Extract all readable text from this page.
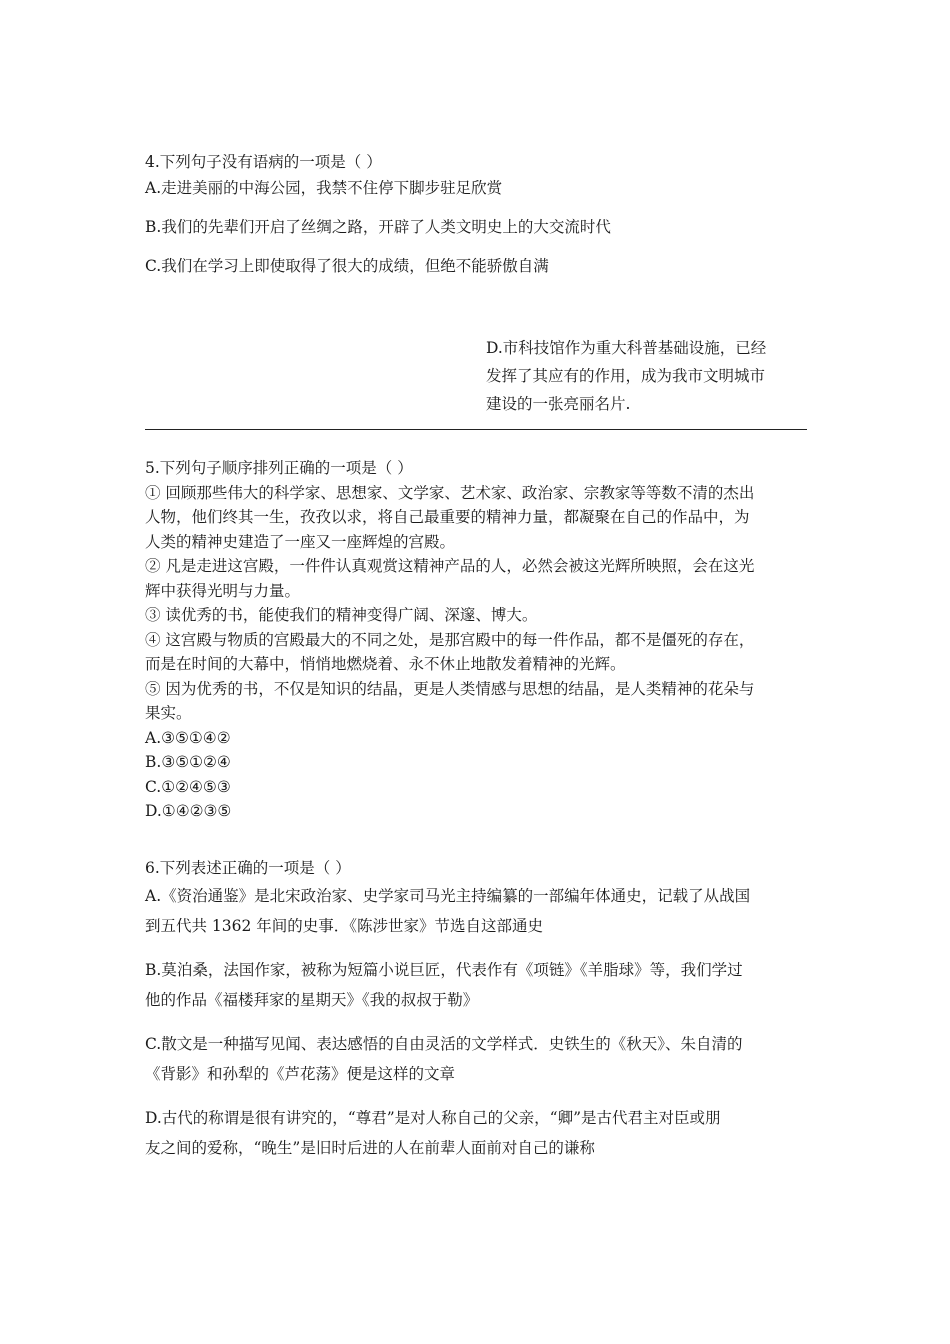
4.下列句子没有语病的一项是（ ）
A.走进美丽的中海公园，我禁不住停下脚步驻足欣赏
B.我们的先辈们开启了丝绸之路，开辟了人类文明史上的大交流时代
C.我们在学习上即使取得了很大的成绩，但绝不能骄傲自满
D.市科技馆作为重大科普基础设施，已经
发挥了其应有的作用，成为我市文明城市
建设的一张亮丽名片.
5.下列句子顺序排列正确的一项是（ ）
① 回顾那些伟大的科学家、思想家、文学家、艺术家、政治家、宗教家等等数不清的杰出
人物，他们终其一生，孜孜以求，将自己最重要的精神力量，都凝聚在自己的作品中，为
人类的精神史建造了一座又一座辉煌的宫殿。
② 凡是走进这宫殿，一件件认真观赏这精神产品的人，必然会被这光辉所映照，会在这光
辉中获得光明与力量。
③ 读优秀的书，能使我们的精神变得广阔、深邃、博大。
④ 这宫殿与物质的宫殿最大的不同之处，是那宫殿中的每一件作品，都不是僵死的存在，
而是在时间的大幕中，悄悄地燃烧着、永不休止地散发着精神的光辉。
⑤ 因为优秀的书，不仅是知识的结晶，更是人类情感与思想的结晶，是人类精神的花朵与
果实。
A.③⑤①④②
B.③⑤①②④
C.①②④⑤③
D.①④②③⑤
6.下列表述正确的一项是（ ）
A.《资治通鉴》是北宋政治家、史学家司马光主持编纂的一部编年体通史，记载了从战国
到五代共 1362 年间的史事．《陈涉世家》节选自这部通史
B.莫泊桑，法国作家，被称为短篇小说巨匠，代表作有《项链》《羊脂球》等，我们学过
他的作品《福楼拜家的星期天》《我的叔叔于勒》
C.散文是一种描写见闻、表达感悟的自由灵活的文学样式．史铁生的《秋天》、朱自清的
《背影》和孙犁的《芦花荡》便是这样的文章
D.古代的称谓是很有讲究的，“尊君”是对人称自己的父亲，“卿”是古代君主对臣或朋
友之间的爱称，“晚生”是旧时后进的人在前辈人面前对自己的谦称
